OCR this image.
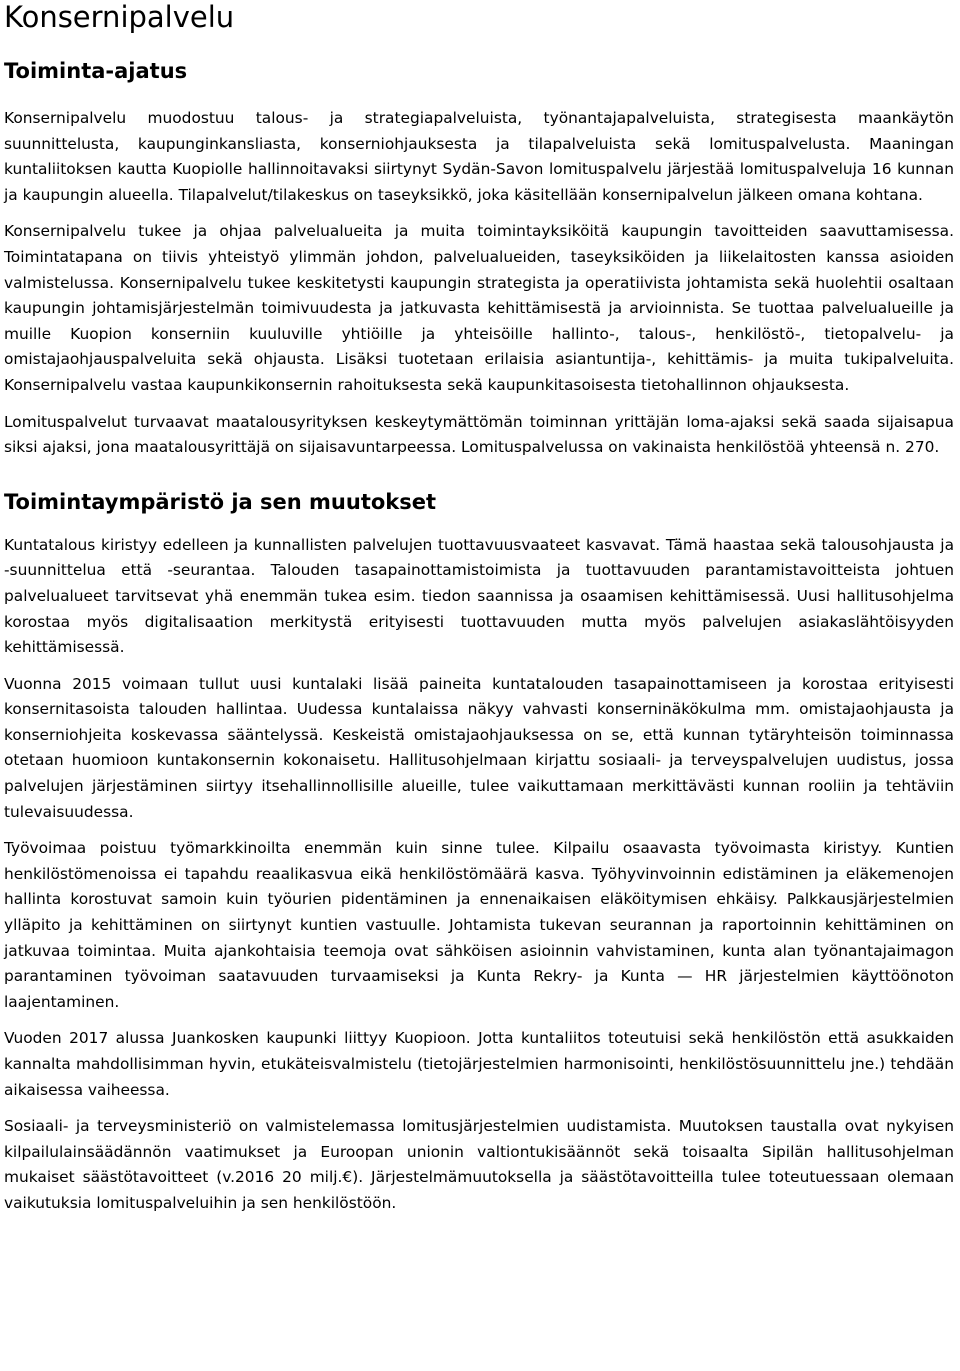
Konsernipalvelu
Toiminta-ajatus

Konsernipalvelu muodostuu talous- ja strategiapalveluista, työnantajapalveluista, strategisesta maankäytön suunnittelusta, kaupunginkansliasta, konserniohjauksesta ja tilapalveluista sekä lomituspalvelusta. Maaningan kuntaliitoksen kautta Kuopiolle hallinnoitavaksi siirtynyt Sydän-Savon lomituspalvelu järjestää lomituspalveluja 16 kunnan ja kaupungin alueella. Tilapalvelut/tilakeskus on taseyksikkö, joka käsitellään konsernipalvelun jälkeen omana kohtana.

Konsernipalvelu tukee ja ohjaa palvelualueita ja muita toimintayksiköitä kaupungin tavoitteiden saavuttamisessa. Toimintatapana on tiivis yhteistyö ylimmän johdon, palvelualueiden, taseyksiköiden ja liikelaitosten kanssa asioiden valmistelussa. Konsernipalvelu tukee keskitetysti kaupungin strategista ja operatiivista johtamista sekä huolehtii osaltaan kaupungin johtamisjärjestelmän toimivuudesta ja jatkuvasta kehittämisestä ja arvioinnista. Se tuottaa palvelualueille ja muille Kuopion konserniin kuuluville yhtiöille ja yhteisöille hallinto-, talous-, henkilöstö-, tietopalvelu- ja omistajaohjauspalveluita sekä ohjausta. Lisäksi tuotetaan erilaisia asiantuntija-, kehittämis- ja muita tukipalveluita. Konsernipalvelu vastaa kaupunkikonsernin rahoituksesta sekä kaupunkitasoisesta tietohallinnon ohjauksesta.

Lomituspalvelut turvaavat maatalousyrityksen keskeytymättömän toiminnan yrittäjän loma-ajaksi sekä saada sijaisapua siksi ajaksi, jona maatalousyrittäjä on sijaisavuntarpeessa. Lomituspalvelussa on vakinaista henkilöstöä yhteensä n. 270.

Toimintaympäristö ja sen muutokset

Kuntatalous kiristyy edelleen ja kunnallisten palvelujen tuottavuusvaateet kasvavat. Tämä haastaa sekä talousohjausta ja -suunnittelua että -seurantaa. Talouden tasapainottamistoimista ja tuottavuuden parantamistavoitteista johtuen palvelualueet tarvitsevat yhä enemmän tukea esim. tiedon saannissa ja osaamisen kehittämisessä. Uusi hallitusohjelma korostaa myös digitalisaation merkitystä erityisesti tuottavuuden mutta myös palvelujen asiakaslähtöisyyden kehittämisessä.

Vuonna 2015 voimaan tullut uusi kuntalaki lisää paineita kuntatalouden tasapainottamiseen ja korostaa erityisesti konsernitasoista talouden hallintaa. Uudessa kuntalaissa näkyy vahvasti konserninäkökulma mm. omistajaohjausta ja konserniohjeita koskevassa sääntelyssä. Keskeistä omistajaohjauksessa on se, että kunnan tytäryhteisön toiminnassa otetaan huomioon kuntakonsernin kokonaisetu. Hallitusohjelmaan kirjattu sosiaali- ja terveyspalvelujen uudistus, jossa palvelujen järjestäminen siirtyy itsehallinnollisille alueille, tulee vaikuttamaan merkittävästi kunnan rooliin ja tehtäviin tulevaisuudessa.

Työvoimaa poistuu työmarkkinoilta enemmän kuin sinne tulee. Kilpailu osaavasta työvoimasta kiristyy. Kuntien henkilöstömenoissa ei tapahdu reaalikasvua eikä henkilöstömäärä kasva. Työhyvinvoinnin edistäminen ja eläkemenojen hallinta korostuvat samoin kuin työurien pidentäminen ja ennenaikaisen eläköitymisen ehkäisy. Palkkausjärjestelmien ylläpito ja kehittäminen on siirtynyt kuntien vastuulle. Johtamista tukevan seurannan ja raportoinnin kehittäminen on jatkuvaa toimintaa. Muita ajankohtaisia teemoja ovat sähköisen asioinnin vahvistaminen, kunta alan työnantajaimagon parantaminen työvoiman saatavuuden turvaamiseksi ja Kunta Rekry- ja Kunta — HR järjestelmien käyttöönoton laajentaminen.

Vuoden 2017 alussa Juankosken kaupunki liittyy Kuopioon. Jotta kuntaliitos toteutuisi sekä henkilöstön että asukkaiden kannalta mahdollisimman hyvin, etukäteisvalmistelu (tietojärjestelmien harmonisointi, henkilöstösuunnittelu jne.) tehdään aikaisessa vaiheessa.

Sosiaali- ja terveysministeriö on valmistelemassa lomitusjärjestelmien uudistamista. Muutoksen taustalla ovat nykyisen kilpailulainsäädännön vaatimukset ja Euroopan unionin valtiontukisäännöt sekä toisaalta Sipilän hallitusohjelman mukaiset säästötavoitteet (v.2016 20 milj.€). Järjestelmämuutoksella ja säästötavoitteilla tulee toteutuessaan olemaan vaikutuksia lomituspalveluihin ja sen henkilöstöön.
